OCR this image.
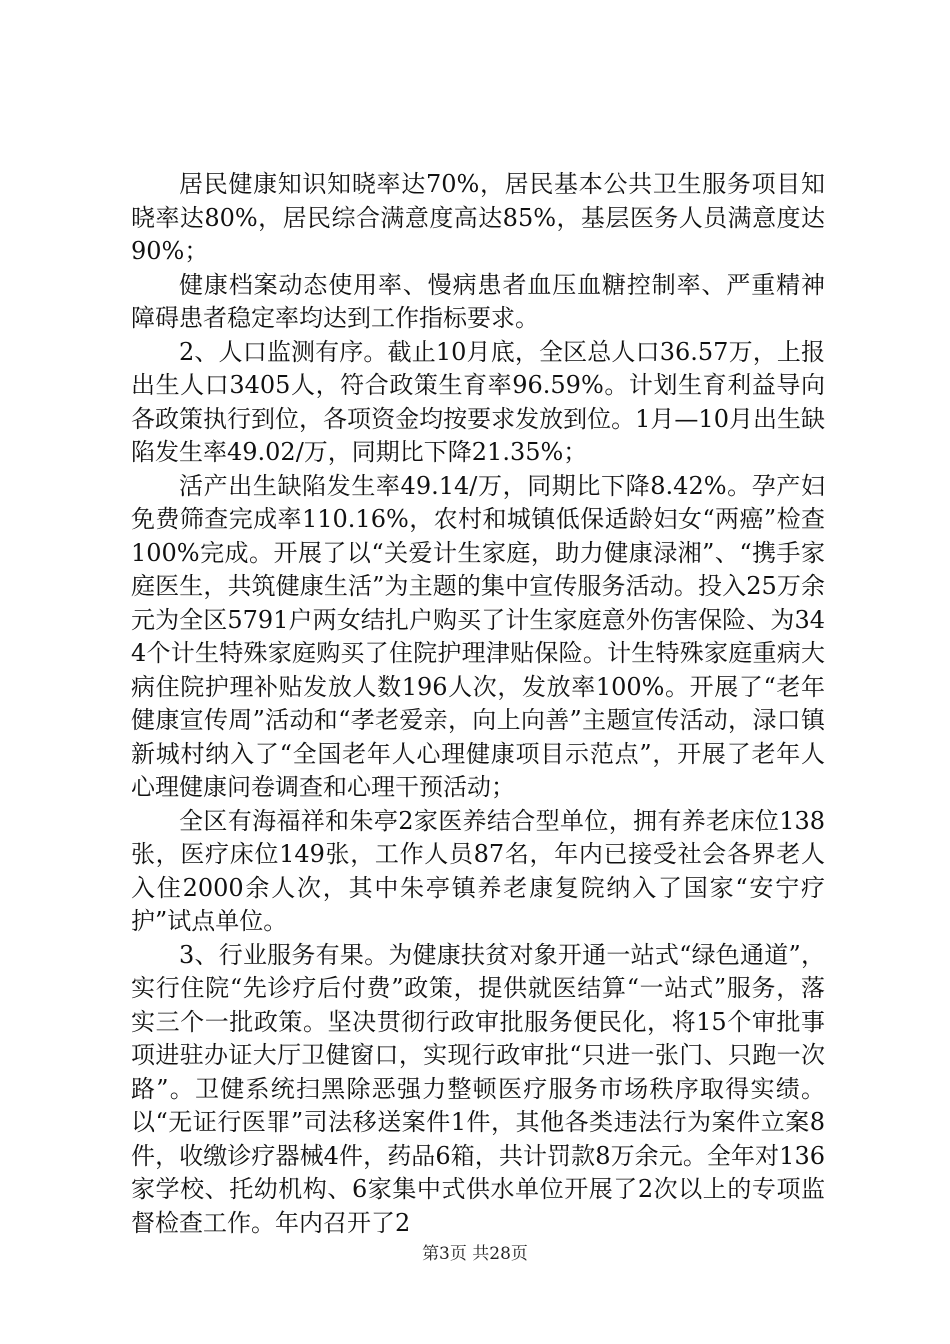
居民健康知识知晓率达70%，居民基本公共卫生服务项目知晓率达80%，居民综合满意度高达85%，基层医务人员满意度达90%；

健康档案动态使用率、慢病患者血压血糖控制率、严重精神障碍患者稳定率均达到工作指标要求。

2、人口监测有序。截止10月底，全区总人口36.57万，上报出生人口3405人，符合政策生育率96.59%。计划生育利益导向各政策执行到位，各项资金均按要求发放到位。1月—10月出生缺陷发生率49.02/万，同期比下降21.35%；

活产出生缺陷发生率49.14/万，同期比下降8.42%。孕产妇免费筛查完成率110.16%，农村和城镇低保适龄妇女“两癌”检查100%完成。开展了以“关爱计生家庭，助力健康渌湘”、“携手家庭医生，共筑健康生活”为主题的集中宣传服务活动。投入25万余元为全区5791户两女结扎户购买了计生家庭意外伤害保险、为344个计生特殊家庭购买了住院护理津贴保险。计生特殊家庭重病大病住院护理补贴发放人数196人次，发放率100%。开展了“老年健康宣传周”活动和“孝老爱亲，向上向善”主题宣传活动，渌口镇新城村纳入了“全国老年人心理健康项目示范点”，开展了老年人心理健康问卷调查和心理干预活动；

全区有海福祥和朱亭2家医养结合型单位，拥有养老床位138张，医疗床位149张，工作人员87名，年内已接受社会各界老人入住2000余人次，其中朱亭镇养老康复院纳入了国家“安宁疗护”试点单位。

3、行业服务有果。为健康扶贫对象开通一站式“绿色通道”，实行住院“先诊疗后付费”政策，提供就医结算“一站式”服务，落实三个一批政策。坚决贯彻行政审批服务便民化，将15个审批事项进驻办证大厅卫健窗口，实现行政审批“只进一张门、只跑一次路”。卫健系统扫黑除恶强力整顿医疗服务市场秩序取得实绩。以“无证行医罪”司法移送案件1件，其他各类违法行为案件立案8件，收缴诊疗器械4件，药品6箱，共计罚款8万余元。全年对136家学校、托幼机构、6家集中式供水单位开展了2次以上的专项监督检查工作。年内召开了2

第3页 共28页
